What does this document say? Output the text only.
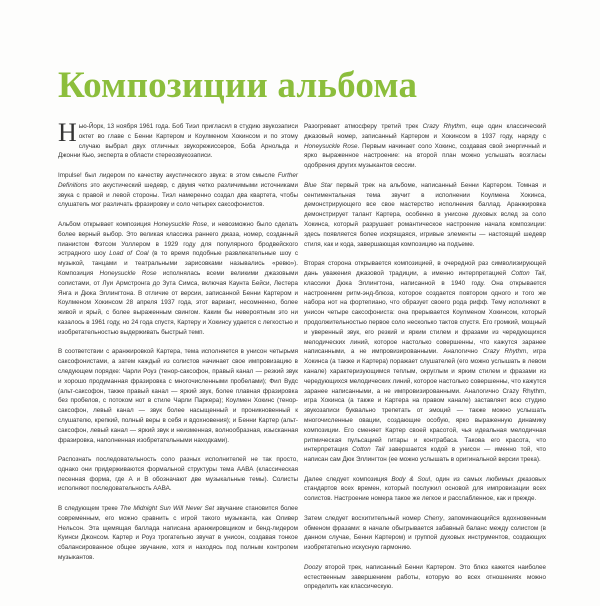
Композиции альбома

Нью-Йорк, 13 ноября 1961 года. Боб Тиэл пригласил в студию звукозаписи октет во главе с Бенни Картером и Коулменом Хокинсом и по этому случаю выбрал двух отличных звукорежиссеров, Боба Арнольда и Джонни Кью, эксперта в области стереозвукозаписи.

Impulse! был лидером по качеству акустического звука: в этом смысле Further Definitions это акустический шедевр, с двумя четко различимыми источниками звука с правой и левой стороны. Тиэл намеренно создал два квартета, чтобы слушатель мог различать фразировку и соло четырех саксофонистов.

Альбом открывает композиция Honeysuckle Rose, и невозможно было сделать более верный выбор. Это великая классика раннего джаза, номер, созданный пианистом Фэтсом Уоллером в 1929 году для популярного бродвейского эстрадного шоу Load of Coal (в то время подобные развлекательные шоу с музыкой, танцами и театральными зарисовками назывались «ревю»). Композиция Honeysuckle Rose исполнялась всеми великими джазовыми солистами, от Луи Армстронга до Зута Симса, включая Каунта Бейси, Лестера Янга и Дюка Эллингтона. В отличие от версии, записанной Бенни Картером и Коулменом Хокинсом 28 апреля 1937 года, этот вариант, несомненно, более живой и ярый, с более выраженным свингом. Каким бы невероятным это ни казалось в 1961 году, но 24 года спустя, Картеру и Хокинсу удается с легкостью и изобретательностью выдерживать быстрый темп.

В соответствии с аранжировкой Картера, тема исполняется в унисон четырьмя саксофонистами, а затем каждый из солистов начинает свое импровизацию в следующем порядке: Чарли Роуз (тенор-саксофон, правый канал — резкий звук и хорошо продуманная фразировка с многочисленными пробелами); Фил Вудс (альт-саксофон, также правый канал — яркий звук, более плавная фразировка без пробелов, с потоком нот в стиле Чарли Паркера); Коулмен Хокинс (тенор-саксофон, левый канал — звук более насыщенный и проникновенный к слушателю, крепкий, полный веры в себя и вдохновения); и Бенни Картер (альт-саксофон, левый канал — яркий звук и неизменная, волнообразная, изысканная фразировка, наполненная изобретательными находками).

Распознать последовательность соло разных исполнителей не так просто, однако они придерживаются формальной структуры тема ААВА (классическая песенная форма, где А и В обозначают две музыкальные темы). Солисты исполняют последовательность ААВА.

В следующем треке The Midnight Sun Will Never Set звучание становится более современным, его можно сравнить с игрой такого музыканта, как Оливер Нельсон. Эта щемящая баллада написана аранжировщиком и бенд-лидером Куинси Джонсом. Картер и Роуз трогательно звучат в унисон, создавая тонкое сбалансированное общее звучание, хотя и находясь под полным контролем музыкантов.

Разогревает атмосферу третий трек Crazy Rhythm, еще один классический джазовый номер, записанный Картером и Хокинсом в 1937 году, наряду с Honeysuckle Rose. Первым начинает соло Хокинс, создавая свой энергичный и ярко выраженное настроение: на второй план можно услышать возгласы одобрения других музыкантов сессии.

Blue Star первый трек на альбоме, написанный Бенни Картером. Томная и сентиментальная тема звучит в исполнении Коулмена Хокинса, демонстрирующего все свое мастерство исполнения баллад. Аранжировка демонстрирует талант Картера, особенно в унисоне духовых вслед за соло Хокинса, который разрушает романтическое настроение начала композиции: здесь появляется более искрящаяся, игривые элементы — настоящий шедевр стиля, как и кода, завершающая композицию на подъеме.

Вторая сторона открывается композицией, в очередной раз символизирующей дань уважения джазовой традиции, а именно интерпретацией Cotton Tail, классики Дюка Эллингтона, написанной в 1940 году. Она открывается настроением ритм-энд-блюза, которое создается повтором одного и того же набора нот на фортепиано, что образует своего рода рифф. Тему исполняют в унисон четыре саксофониста: она прерывается Коулменом Хокинсом, который продолжительностью первое соло несколько тактов спустя. Его громкий, мощный и уверенный звук, его резкий и ярким стилем и фразами из чередующихся мелодических линий, которое настолько совершенны, что кажутся заранее написанными, а не импровизированными. Аналогично Crazy Rhythm, игра Хокинса (а также и Картера) поражает слушателей (его можно услышать в левом канале) характеризующимся теплым, округлым и ярким стилем и фразами из чередующихся мелодических линий, которое настолько совершенны, что кажутся заранее написанными, а не импровизированными. Аналогично Crazy Rhythm, игра Хокинса (а также и Картера на правом канале) заставляет всю студию звукозаписи буквально трепетать от эмоций — также можно услышать многочисленные овации, создающие особую, ярко выраженную динамику композиции. Его сменяет Картер своей красотой, чья идеальная мелодичная ритмическая пульсацией гитары и контрабаса. Такова его красота, что интерпретация Cotton Tail завершается кодой в унисон — именно той, что написан сам Дюк Эллингтон (ее можно услышать в оригинальной версии трека).

Далее следует композиция Body & Soul, один из самых любимых джазовых стандартов всех времен, который послужил основой для импровизации всех солистов. Настроение номера такое же легкое и расслабленное, как и прежде.

Затем следует восхитительный номер Cherry, запоминающийся вдохновенным обменом фразами: в начале обыгрывается забавный баланс между солистом (в данном случае, Бенни Картером) и группой духовых инструментов, создающих изобретательно искусную гармонию.

Doozy второй трек, написанный Бенни Картером. Это блюз кажется наиболее естественным завершением работы, которую во всех отношениях можно определить как классическую.
